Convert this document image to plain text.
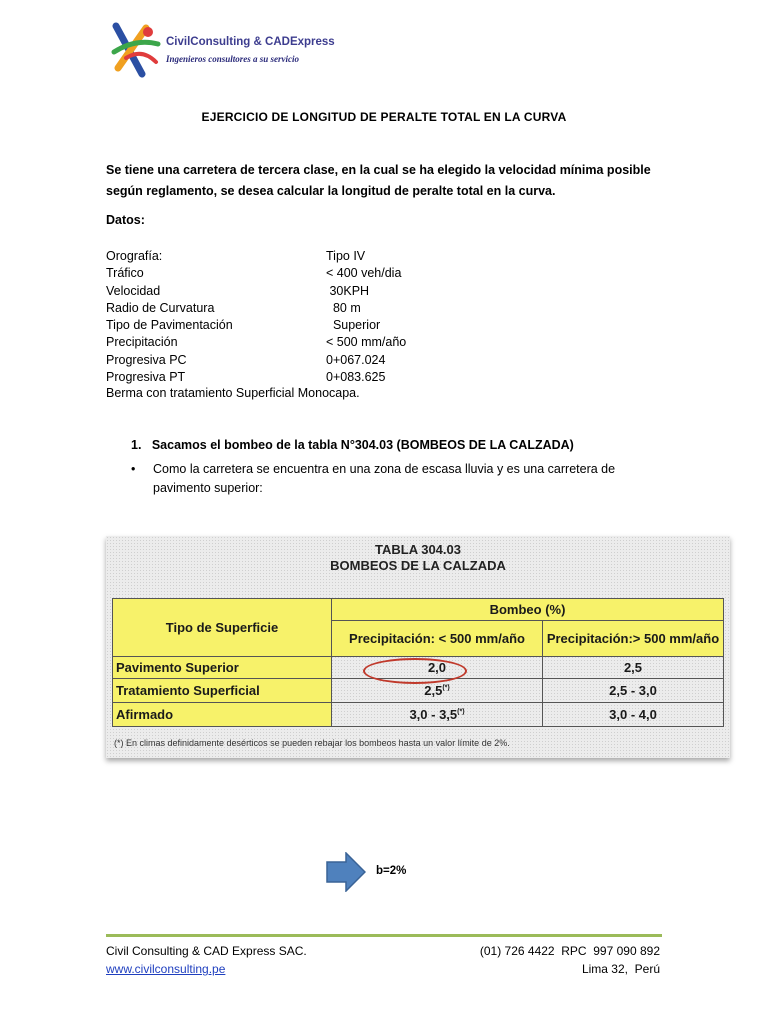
CivilConsulting & CADExpress
Ingenieros consultores a su servicio
EJERCICIO DE LONGITUD DE PERALTE TOTAL EN LA CURVA
Se tiene una carretera de tercera clase, en la cual se ha elegido la velocidad mínima posible según reglamento, se desea calcular la longitud de peralte total en la curva.
Datos:
Orografía:	Tipo IV
Tráfico	< 400 veh/dia
Velocidad	30KPH
Radio de Curvatura	80 m
Tipo de Pavimentación	Superior
Precipitación	< 500 mm/año
Progresiva PC	0+067.024
Progresiva PT	0+083.625
Berma con tratamiento Superficial Monocapa.
1.   Sacamos el bombeo de la tabla N°304.03 (BOMBEOS DE LA CALZADA)
• Como la carretera se encuentra en una zona de escasa lluvia y es una carretera de pavimento superior:
TABLA 304.03
BOMBEOS DE LA CALZADA
Tipo de Superficie	Bombeo (%)	
	Precipitación: < 500 mm/año	Precipitación:> 500 mm/año
Pavimento Superior	2,0	2,5
Tratamiento Superficial	2,5(*)	2,5 - 3,0
Afirmado	3,0 - 3,5(*)	3,0 - 4,0
(*) En climas definidamente desérticos se pueden rebajar los bombeos hasta un valor límite de 2%.
b=2%
Civil Consulting & CAD Express SAC.
www.civilconsulting.pe
(01) 726 4422  RPC  997 090 892
Lima 32,  Perú
